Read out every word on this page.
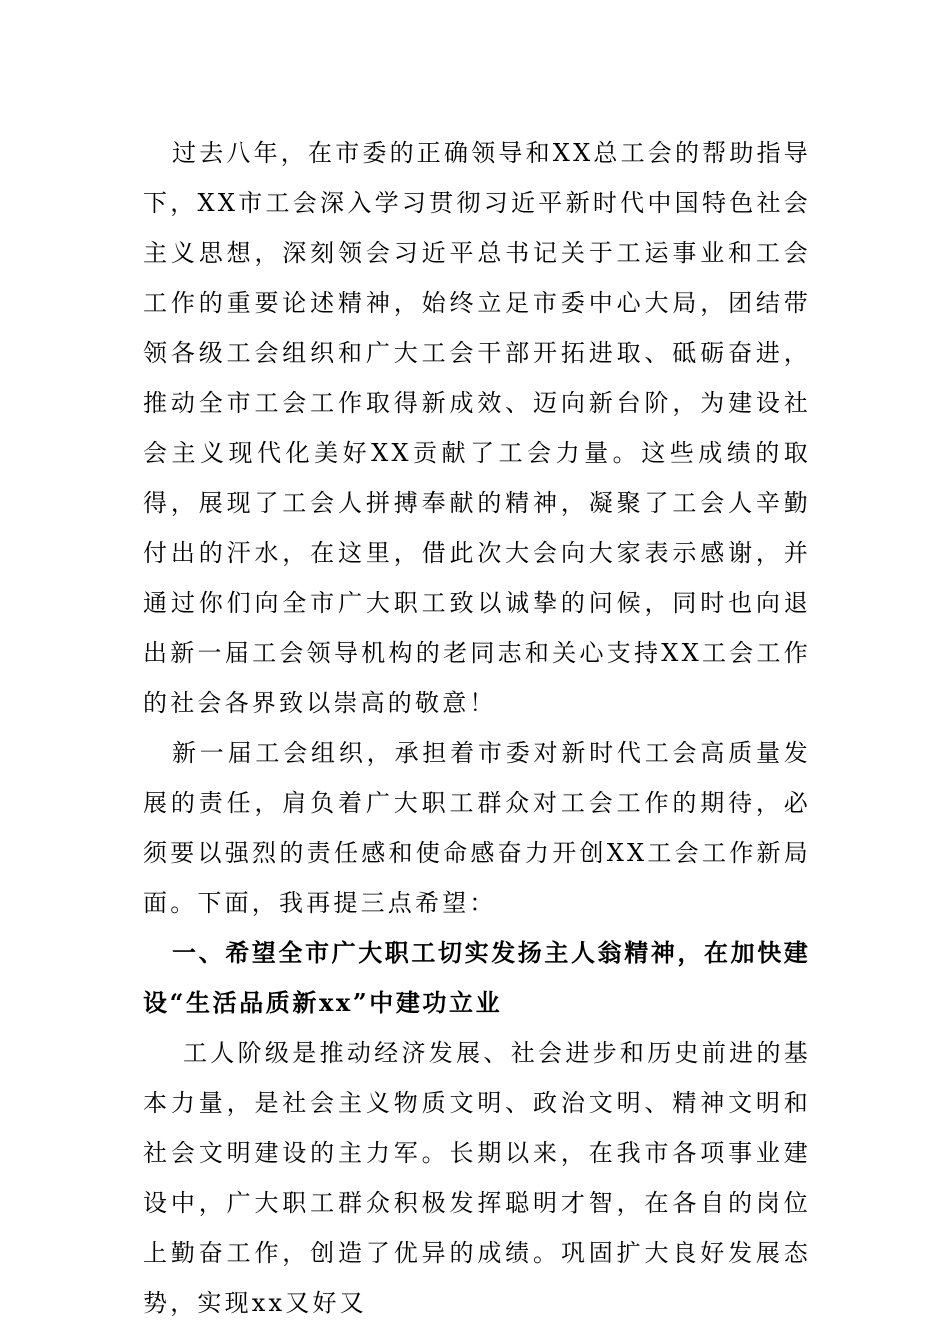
过去八年，在市委的正确领导和XX总工会的帮助指导下，XX市工会深入学习贯彻习近平新时代中国特色社会主义思想，深刻领会习近平总书记关于工运事业和工会工作的重要论述精神，始终立足市委中心大局，团结带领各级工会组织和广大工会干部开拓进取、砥砺奋进，推动全市工会工作取得新成效、迈向新台阶，为建设社会主义现代化美好XX贡献了工会力量。这些成绩的取得，展现了工会人拼搏奉献的精神，凝聚了工会人辛勤付出的汗水，在这里，借此次大会向大家表示感谢，并通过你们向全市广大职工致以诚挚的问候，同时也向退出新一届工会领导机构的老同志和关心支持XX工会工作的社会各界致以崇高的敬意！

新一届工会组织，承担着市委对新时代工会高质量发展的责任，肩负着广大职工群众对工会工作的期待，必须要以强烈的责任感和使命感奋力开创XX工会工作新局面。下面，我再提三点希望：

一、希望全市广大职工切实发扬主人翁精神，在加快建设“生活品质新xx”中建功立业

工人阶级是推动经济发展、社会进步和历史前进的基本力量，是社会主义物质文明、政治文明、精神文明和社会文明建设的主力军。长期以来，在我市各项事业建设中，广大职工群众积极发挥聪明才智，在各自的岗位上勤奋工作，创造了优异的成绩。巩固扩大良好发展态势，实现xx又好又
